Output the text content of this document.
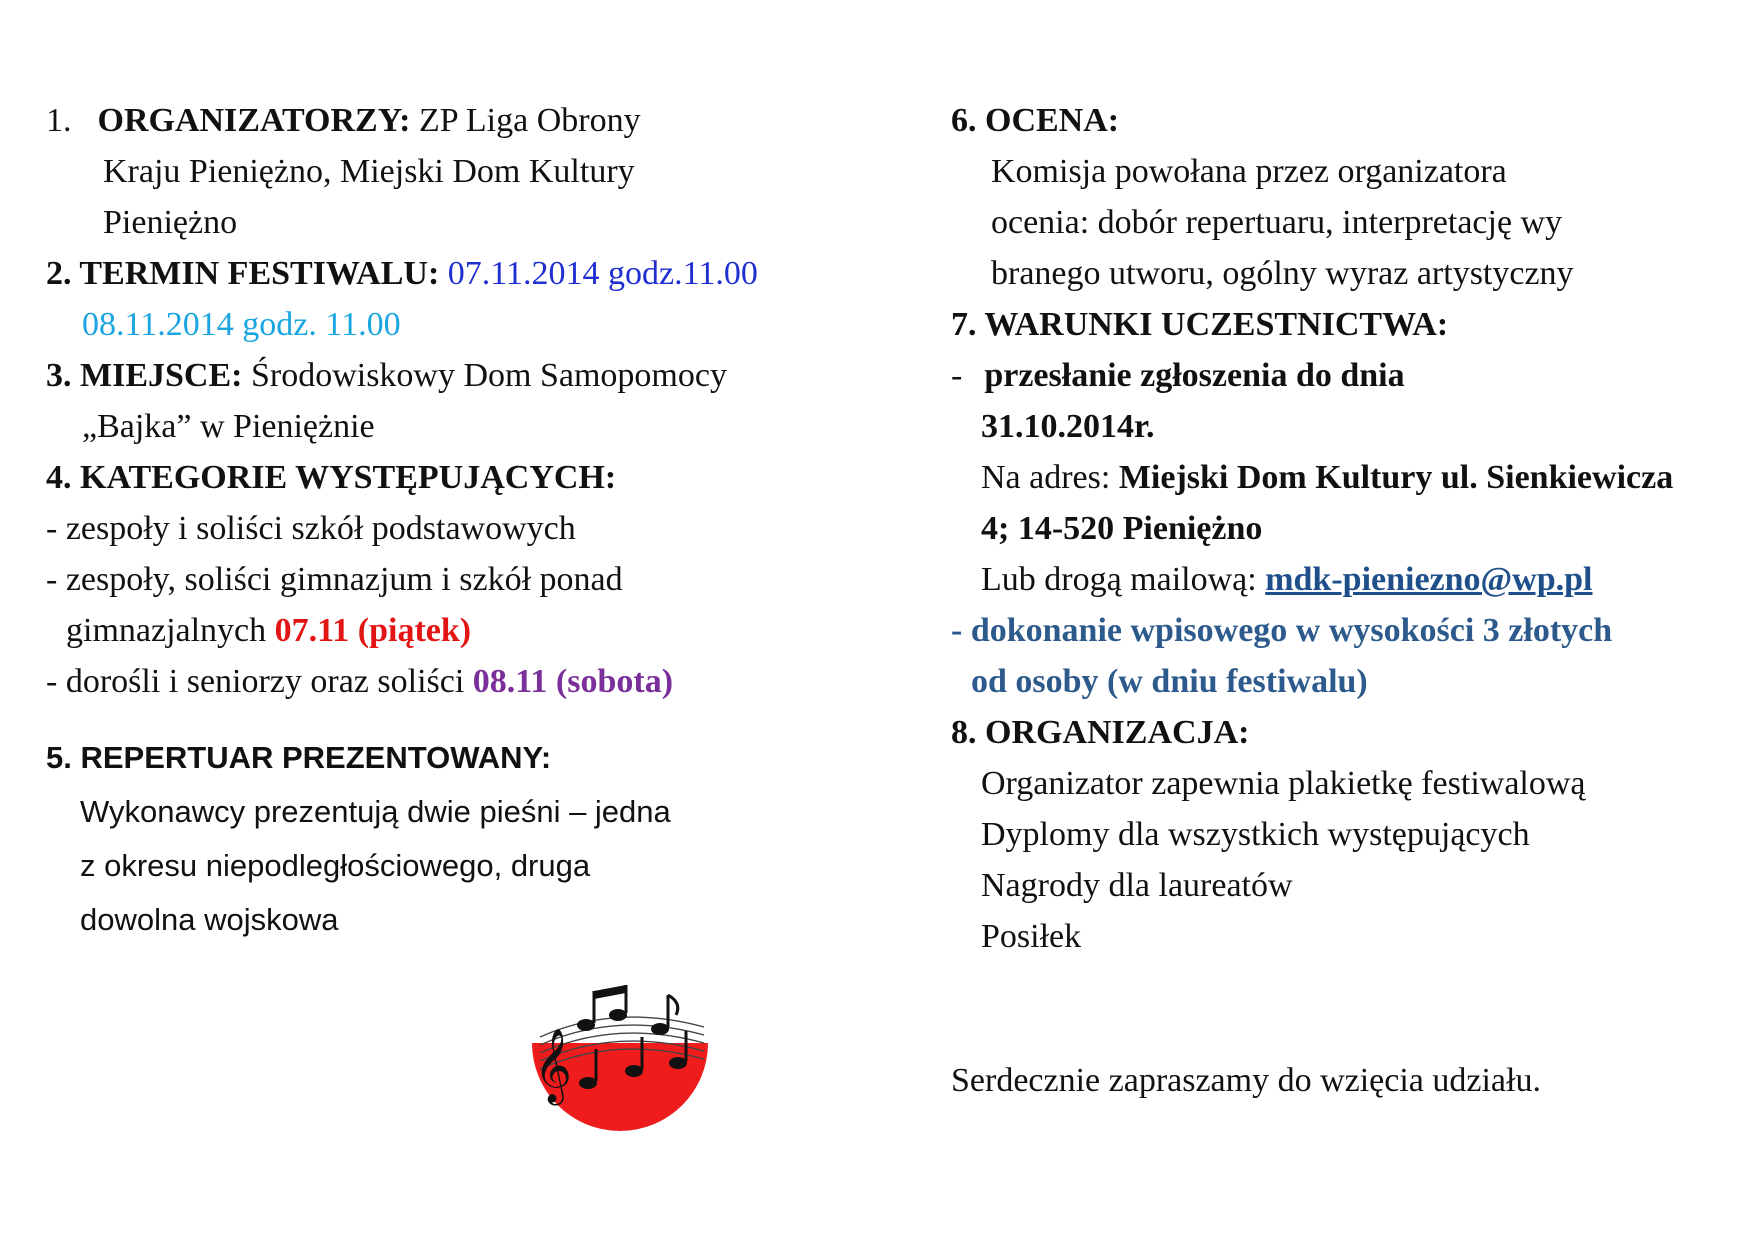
1. ORGANIZATORZY: ZP Liga Obrony
Kraju Pieniężno, Miejski Dom Kultury
Pieniężno
2. TERMIN FESTIWALU: 07.11.2014 godz.11.00
08.11.2014 godz. 11.00
3. MIEJSCE: Środowiskowy Dom Samopomocy
„Bajka” w Pieniężnie
4. KATEGORIE WYSTĘPUJĄCYCH:
- zespoły i soliści szkół podstawowych
- zespoły, soliści gimnazjum i szkół ponad
gimnazjalnych 07.11 (piątek)
- dorośli i seniorzy oraz soliści 08.11 (sobota)
5. REPERTUAR PREZENTOWANY:
Wykonawcy prezentują dwie pieśni – jedna
z okresu niepodległościowego, druga
dowolna wojskowa
𝄞
6. OCENA:
Komisja powołana przez organizatora
ocenia: dobór repertuaru, interpretację wy
branego utworu, ogólny wyraz artystyczny
7. WARUNKI UCZESTNICTWA:
- przesłanie zgłoszenia do dnia
31.10.2014r.
Na adres: Miejski Dom Kultury ul. Sienkiewicza
4; 14-520 Pieniężno
Lub drogą mailową: mdk-pieniezno@wp.pl
- dokonanie wpisowego w wysokości 3 złotych
od osoby (w dniu festiwalu)
8. ORGANIZACJA:
Organizator zapewnia plakietkę festiwalową
Dyplomy dla wszystkich występujących
Nagrody dla laureatów
Posiłek
Serdecznie zapraszamy do wzięcia udziału.
